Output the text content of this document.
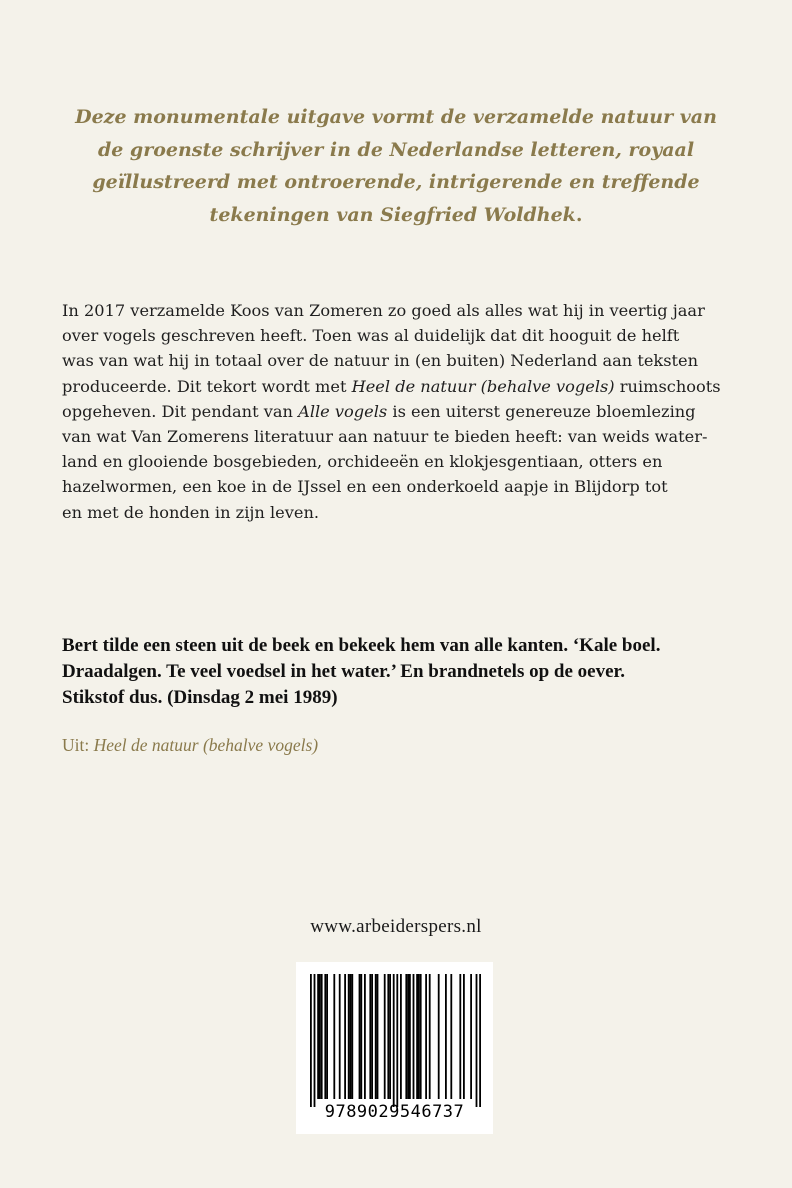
Deze monumentale uitgave vormt de verzamelde natuur van
de groenste schrijver in de Nederlandse letteren, royaal
geïllustreerd met ontroerende, intrigerende en treffende
tekeningen van Siegfried Woldhek.

In 2017 verzamelde Koos van Zomeren zo goed als alles wat hij in veertig jaar

over vogels geschreven heeft. Toen was al duidelijk dat dit hooguit de helft

was van wat hij in totaal over de natuur in (en buiten) Nederland aan teksten

produceerde. Dit tekort wordt met Heel de natuur (behalve vogels) ruimschoots

opgeheven. Dit pendant van Alle vogels is een uiterst genereuze bloemlezing

van wat Van Zomerens literatuur aan natuur te bieden heeft: van weids water-

land en glooiende bosgebieden, orchideeën en klokjesgentiaan, otters en

hazelwormen, een koe in de IJssel en een onderkoeld aapje in Blijdorp tot

en met de honden in zijn leven.

Bert tilde een steen uit de beek en bekeek hem van alle kanten. ‘Kale boel.
Draadalgen. Te veel voedsel in het water.’ En brandnetels op de oever.
Stikstof dus. (Dinsdag 2 mei 1989)
Uit: Heel de natuur (behalve vogels)
www.arbeiderspers.nl
9789029546737
